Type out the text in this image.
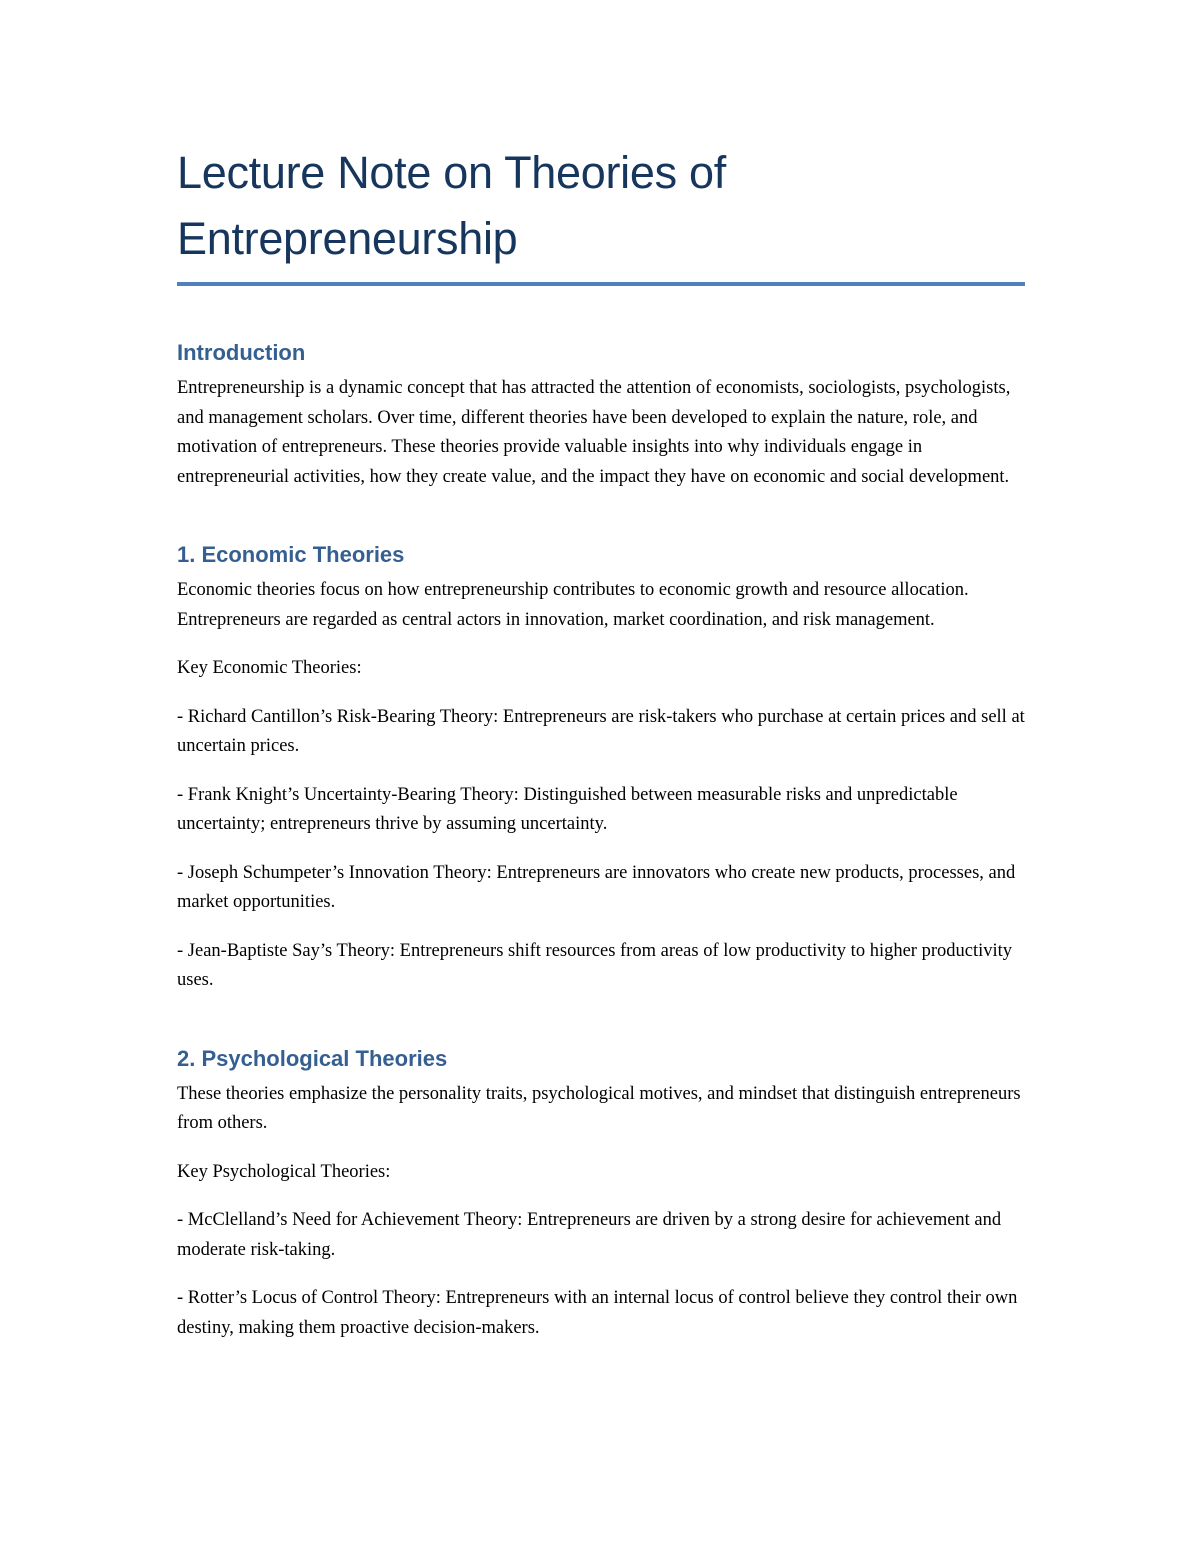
Lecture Note on Theories of
Entrepreneurship
Introduction

Entrepreneurship is a dynamic concept that has attracted the attention of economists, sociologists, psychologists, and management scholars. Over time, different theories have been developed to explain the nature, role, and motivation of entrepreneurs. These theories provide valuable insights into why individuals engage in entrepreneurial activities, how they create value, and the impact they have on economic and social development.

1. Economic Theories

Economic theories focus on how entrepreneurship contributes to economic growth and resource allocation. Entrepreneurs are regarded as central actors in innovation, market coordination, and risk management.

Key Economic Theories:

- Richard Cantillon’s Risk-Bearing Theory: Entrepreneurs are risk-takers who purchase at certain prices and sell at uncertain prices.

- Frank Knight’s Uncertainty-Bearing Theory: Distinguished between measurable risks and unpredictable uncertainty; entrepreneurs thrive by assuming uncertainty.

- Joseph Schumpeter’s Innovation Theory: Entrepreneurs are innovators who create new products, processes, and market opportunities.

- Jean-Baptiste Say’s Theory: Entrepreneurs shift resources from areas of low productivity to higher productivity uses.

2. Psychological Theories

These theories emphasize the personality traits, psychological motives, and mindset that distinguish entrepreneurs from others.

Key Psychological Theories:

- McClelland’s Need for Achievement Theory: Entrepreneurs are driven by a strong desire for achievement and moderate risk-taking.

- Rotter’s Locus of Control Theory: Entrepreneurs with an internal locus of control believe they control their own destiny, making them proactive decision-makers.
